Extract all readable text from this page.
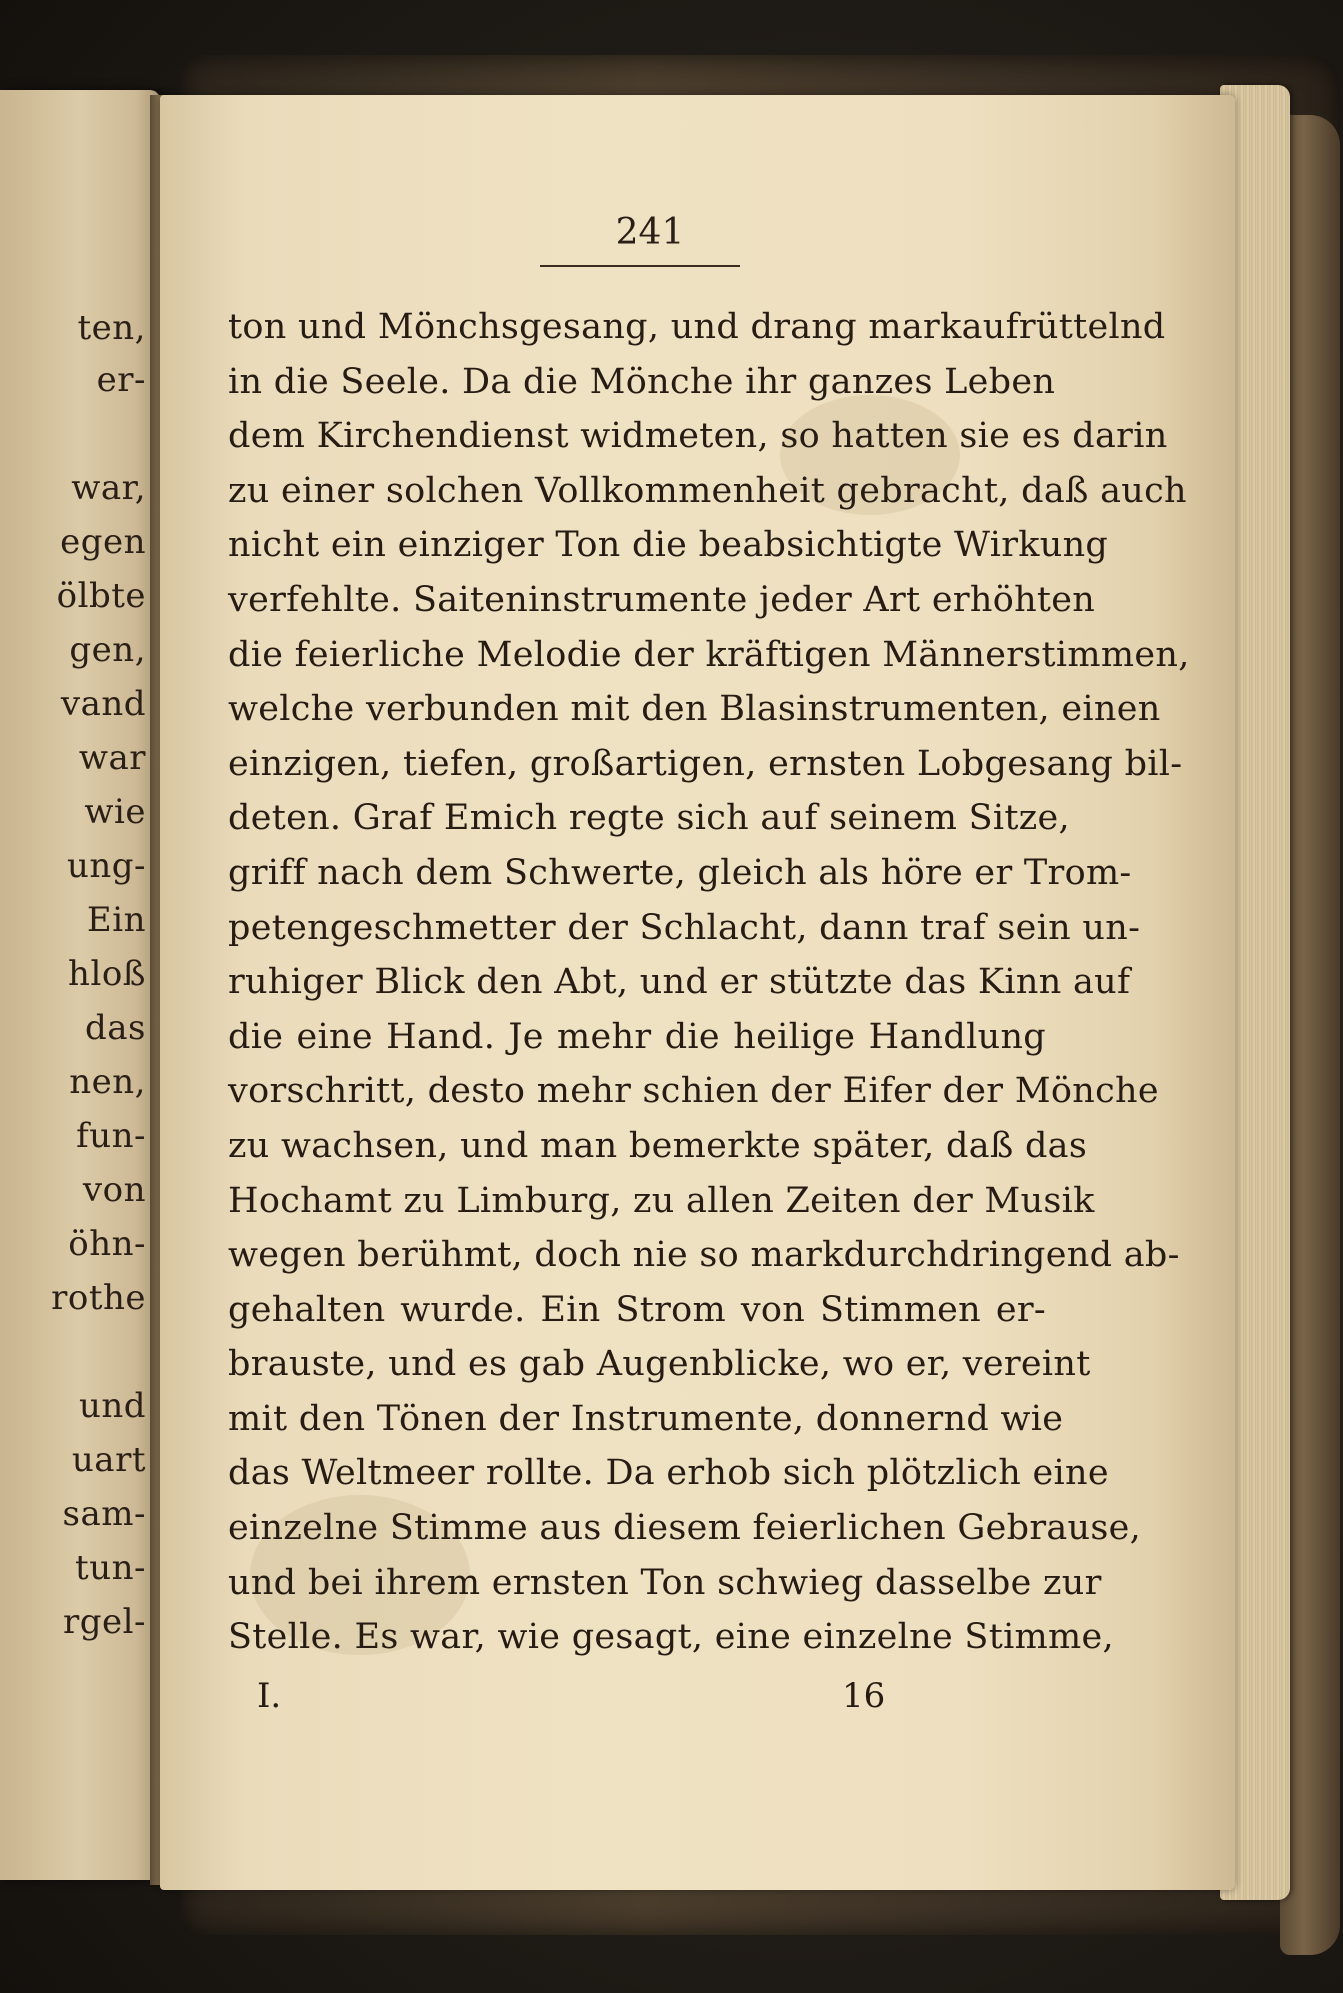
ten,
er-
war,
egen
ölbte
gen,
vand
war
wie
ung-
Ein
hloß
das
nen,
fun-
von
öhn-
rothe
und
uart
sam-
tun-
rgel-
241
ton und Mönchsgesang, und drang markaufrüttelnd
in die Seele. Da die Mönche ihr ganzes Leben
dem Kirchendienst widmeten, so hatten sie es darin
zu einer solchen Vollkommenheit gebracht, daß auch
nicht ein einziger Ton die beabsichtigte Wirkung
verfehlte. Saiteninstrumente jeder Art erhöhten
die feierliche Melodie der kräftigen Männerstimmen,
welche verbunden mit den Blasinstrumenten, einen
einzigen, tiefen, großartigen, ernsten Lobgesang bil-
deten. Graf Emich regte sich auf seinem Sitze,
griff nach dem Schwerte, gleich als höre er Trom-
petengeschmetter der Schlacht, dann traf sein un-
ruhiger Blick den Abt, und er stützte das Kinn auf
die eine Hand. Je mehr die heilige Handlung
vorschritt, desto mehr schien der Eifer der Mönche
zu wachsen, und man bemerkte später, daß das
Hochamt zu Limburg, zu allen Zeiten der Musik
wegen berühmt, doch nie so markdurchdringend ab-
gehalten wurde. Ein Strom von Stimmen er-
brauste, und es gab Augenblicke, wo er, vereint
mit den Tönen der Instrumente, donnernd wie
das Weltmeer rollte. Da erhob sich plötzlich eine
einzelne Stimme aus diesem feierlichen Gebrause,
und bei ihrem ernsten Ton schwieg dasselbe zur
Stelle. Es war, wie gesagt, eine einzelne Stimme,
I.	16
